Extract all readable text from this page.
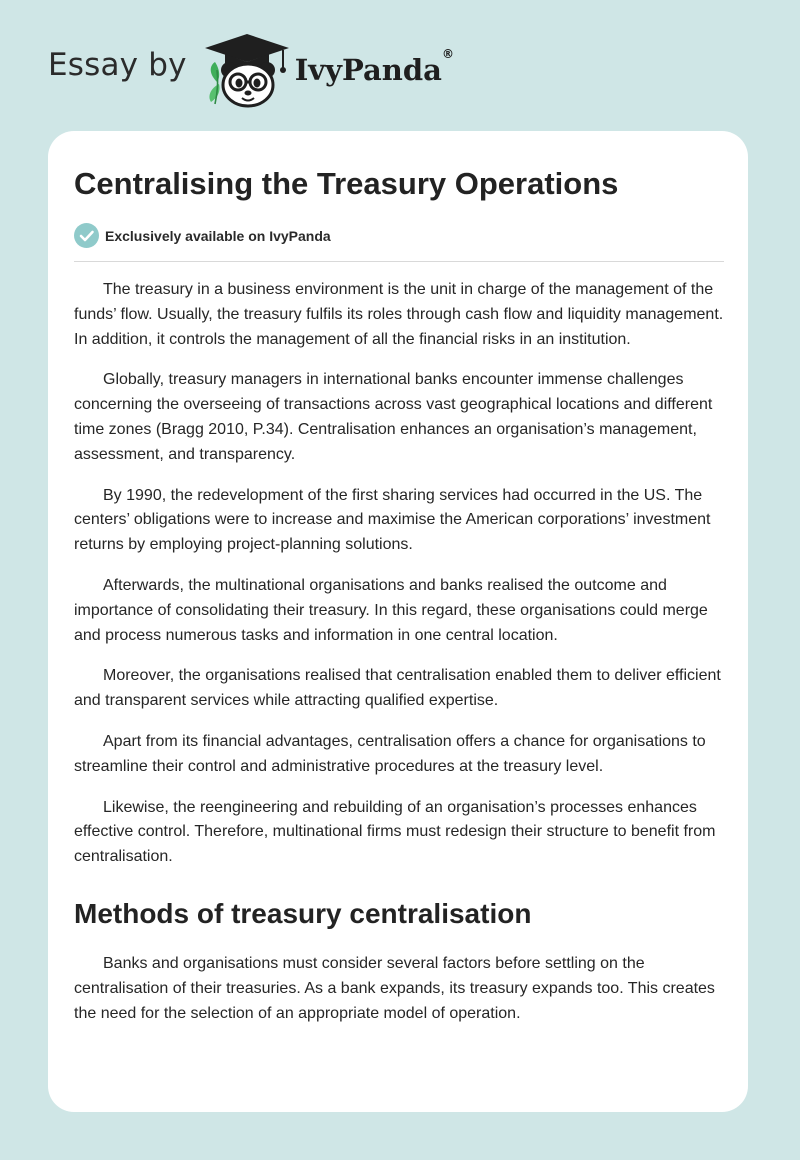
Essay by	IvyPanda®
Centralising the Treasury Operations
Exclusively available on IvyPanda

The treasury in a business environment is the unit in charge of the management of the funds’ flow. Usually, the treasury fulfils its roles through cash flow and liquidity management. In addition, it controls the management of all the financial risks in an institution.

Globally, treasury managers in international banks encounter immense challenges concerning the overseeing of transactions across vast geographical locations and different time zones (Bragg 2010, P.34). Centralisation enhances an organisation’s management, assessment, and transparency.

By 1990, the redevelopment of the first sharing services had occurred in the US. The centers’ obligations were to increase and maximise the American corporations’ investment returns by employing project-planning solutions.

Afterwards, the multinational organisations and banks realised the outcome and importance of consolidating their treasury. In this regard, these organisations could merge and process numerous tasks and information in one central location.

Moreover, the organisations realised that centralisation enabled them to deliver efficient and transparent services while attracting qualified expertise.

Apart from its financial advantages, centralisation offers a chance for organisations to streamline their control and administrative procedures at the treasury level.

Likewise, the reengineering and rebuilding of an organisation’s processes enhances effective control. Therefore, multinational firms must redesign their structure to benefit from centralisation.

Methods of treasury centralisation

Banks and organisations must consider several factors before settling on the centralisation of their treasuries. As a bank expands, its treasury expands too. This creates the need for the selection of an appropriate model of operation.
